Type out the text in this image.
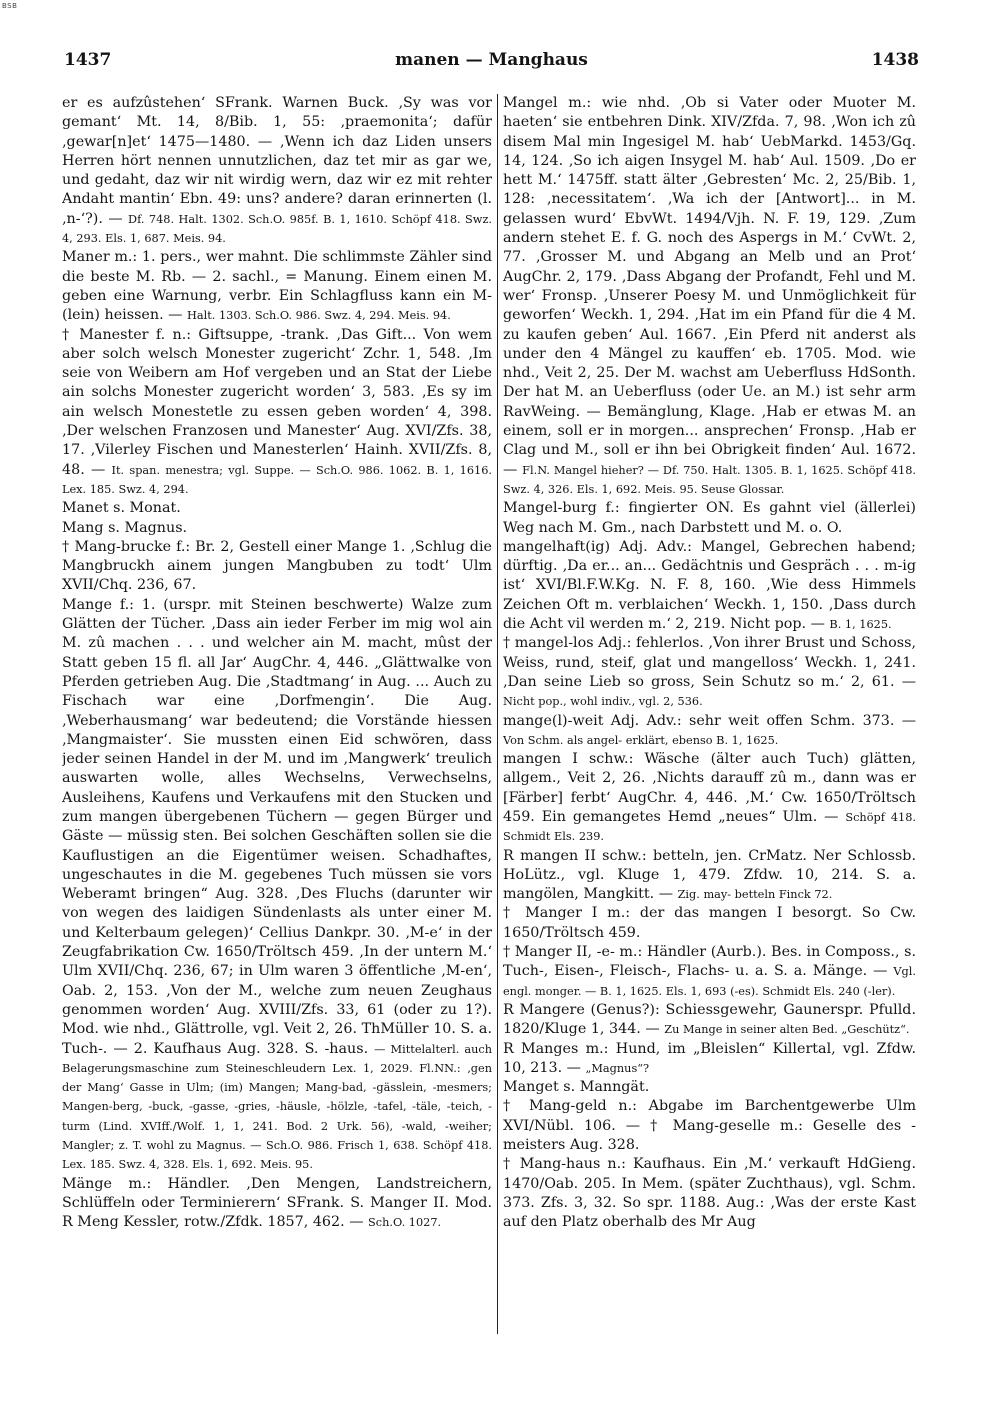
BSB
1437	manen — Manghaus	1438

er es aufzûstehen‘ SFrank. Warnen Buck. ‚Sy was vor gemant‘ Mt. 14, 8/Bib. 1, 55: ‚praemonita‘; dafür ‚gewar[n]et‘ 1475—1480. — ‚Wenn ich daz Liden unsers Herren hört nennen unnutzlichen, daz tet mir as gar we, und gedaht, daz wir nit wirdig wern, daz wir ez mit rehter Andaht mantin‘ Ebn. 49: uns? andere? daran erinnerten (l. ‚n-‘?). — Df. 748. Halt. 1302. Sch.O. 985f. B. 1, 1610. Schöpf 418. Swz. 4, 293. Els. 1, 687. Meis. 94.

Maner m.: 1. pers., wer mahnt. Die schlimmste Zähler sind die beste M. Rb. — 2. sachl., = Manung. Einem einen M. geben eine Warnung, verbr. Ein Schlagfluss kann ein M-(lein) heissen. — Halt. 1303. Sch.O. 986. Swz. 4, 294. Meis. 94.

† Manester f. n.: Giftsuppe, -trank. ‚Das Gift... Von wem aber solch welsch Monester zugericht‘ Zchr. 1, 548. ‚Im seie von Weibern am Hof vergeben und an Stat der Liebe ain solchs Monester zugericht worden‘ 3, 583. ‚Es sy im ain welsch Monestetle zu essen geben worden‘ 4, 398. ‚Der welschen Franzosen und Manester‘ Aug. XVI/Zfs. 38, 17. ‚Vilerley Fischen und Manesterlen‘ Hainh. XVII/Zfs. 8, 48. — It. span. menestra; vgl. Suppe. — Sch.O. 986. 1062. B. 1, 1616. Lex. 185. Swz. 4, 294.

Manet s. Monat.

Mang s. Magnus.

† Mang-brucke f.: Br. 2, Gestell einer Mange 1. ‚Schlug die Mangbruckh ainem jungen Mangbuben zu todt‘ Ulm XVII/Chq. 236, 67.

Mange f.: 1. (urspr. mit Steinen beschwerte) Walze zum Glätten der Tücher. ‚Dass ain ieder Ferber im mig wol ain M. zû machen . . . und welcher ain M. macht, mûst der Statt geben 15 fl. all Jar‘ AugChr. 4, 446. „Glättwalke von Pferden getrieben Aug. Die ‚Stadtmang‘ in Aug. ... Auch zu Fischach war eine ‚Dorfmengin‘. Die Aug. ‚Weberhausmang‘ war bedeutend; die Vorstände hiessen ‚Mangmaister‘. Sie mussten einen Eid schwören, dass jeder seinen Handel in der M. und im ‚Mangwerk‘ treulich auswarten wolle, alles Wechselns, Verwechselns, Ausleihens, Kaufens und Verkaufens mit den Stucken und zum mangen übergebenen Tüchern — gegen Bürger und Gäste — müssig sten. Bei solchen Geschäften sollen sie die Kauflustigen an die Eigentümer weisen. Schadhaftes, ungeschautes in die M. gegebenes Tuch müssen sie vors Weberamt bringen“ Aug. 328. ‚Des Fluchs (darunter wir von wegen des laidigen Sündenlasts als unter einer M. und Kelterbaum gelegen)‘ Cellius Dankpr. 30. ‚M-e‘ in der Zeugfabrikation Cw. 1650/Tröltsch 459. ‚In der untern M.‘ Ulm XVII/Chq. 236, 67; in Ulm waren 3 öffentliche ‚M-en‘, Oab. 2, 153. ‚Von der M., welche zum neuen Zeughaus genommen worden‘ Aug. XVIII/Zfs. 33, 61 (oder zu 1?). Mod. wie nhd., Glättrolle, vgl. Veit 2, 26. ThMüller 10. S. a. Tuch-. — 2. Kaufhaus Aug. 328. S. -haus. — Mittelalterl. auch Belagerungsmaschine zum Steineschleudern Lex. 1, 2029. Fl.NN.: ‚gen der Mang‘ Gasse in Ulm; (im) Mangen; Mang-bad, -gässlein, -mesmers; Mangen-berg, -buck, -gasse, -gries, -häusle, -hölzle, -tafel, -täle, -teich, -turm (Lind. XVIff./Wolf. 1, 1, 241. Bod. 2 Urk. 56), -wald, -weiher; Mangler; z. T. wohl zu Magnus. — Sch.O. 986. Frisch 1, 638. Schöpf 418. Lex. 185. Swz. 4, 328. Els. 1, 692. Meis. 95.

Mänge m.: Händler. ‚Den Mengen, Landstreichern, Schlüffeln oder Terminierern‘ SFrank. S. Manger II. Mod. R Meng Kessler, rotw./Zfdk. 1857, 462. — Sch.O. 1027.

Mangel m.: wie nhd. ‚Ob si Vater oder Muoter M. haeten‘ sie entbehren Dink. XIV/Zfda. 7, 98. ‚Won ich zû disem Mal min Ingesigel M. hab‘ UebMarkd. 1453/Gq. 14, 124. ‚So ich aigen Insygel M. hab‘ Aul. 1509. ‚Do er hett M.‘ 1475ff. statt älter ‚Gebresten‘ Mc. 2, 25/Bib. 1, 128: ‚necessitatem‘. ‚Wa ich der [Antwort]... in M. gelassen wurd‘ EbvWt. 1494/Vjh. N. F. 19, 129. ‚Zum andern stehet E. f. G. noch des Aspergs in M.‘ CvWt. 2, 77. ‚Grosser M. und Abgang an Melb und an Prot‘ AugChr. 2, 179. ‚Dass Abgang der Profandt, Fehl und M. wer‘ Fronsp. ‚Unserer Poesy M. und Unmöglichkeit für geworfen‘ Weckh. 1, 294. ‚Hat im ein Pfand für die 4 M. zu kaufen geben‘ Aul. 1667. ‚Ein Pferd nit anderst als under den 4 Mängel zu kauffen‘ eb. 1705. Mod. wie nhd., Veit 2, 25. Der M. wachst am Ueberfluss HdSonth. Der hat M. an Ueberfluss (oder Ue. an M.) ist sehr arm RavWeing. — Bemänglung, Klage. ‚Hab er etwas M. an einem, soll er in morgen... ansprechen‘ Fronsp. ‚Hab er Clag und M., soll er ihn bei Obrigkeit finden‘ Aul. 1672. — Fl.N. Mangel hieher? — Df. 750. Halt. 1305. B. 1, 1625. Schöpf 418. Swz. 4, 326. Els. 1, 692. Meis. 95. Seuse Glossar.

Mangel-burg f.: fingierter ON. Es gahnt viel (ällerlei) Weg nach M. Gm., nach Darbstett und M. o. O.

mangelhaft(ig) Adj. Adv.: Mangel, Gebrechen habend; dürftig. ‚Da er... an... Gedächtnis und Gespräch . . . m-ig ist‘ XVI/Bl.F.W.Kg. N. F. 8, 160. ‚Wie dess Himmels Zeichen Oft m. verblaichen‘ Weckh. 1, 150. ‚Dass durch die Acht vil werden m.‘ 2, 219. Nicht pop. — B. 1, 1625.

† mangel-los Adj.: fehlerlos. ‚Von ihrer Brust und Schoss, Weiss, rund, steif, glat und mangelloss‘ Weckh. 1, 241. ‚Dan seine Lieb so gross, Sein Schutz so m.‘ 2, 61. — Nicht pop., wohl indiv., vgl. 2, 536.

mange(l)-weit Adj. Adv.: sehr weit offen Schm. 373. — Von Schm. als angel- erklärt, ebenso B. 1, 1625.

mangen I schw.: Wäsche (älter auch Tuch) glätten, allgem., Veit 2, 26. ‚Nichts darauff zû m., dann was er [Färber] ferbt‘ AugChr. 4, 446. ‚M.‘ Cw. 1650/Tröltsch 459. Ein gemangetes Hemd „neues“ Ulm. — Schöpf 418. Schmidt Els. 239.

R mangen II schw.: betteln, jen. CrMatz. Ner Schlossb. HoLütz., vgl. Kluge 1, 479. Zfdw. 10, 214. S. a. mangölen, Mangkitt. — Zig. may- betteln Finck 72.

† Manger I m.: der das mangen I besorgt. So Cw. 1650/Tröltsch 459.

† Manger II, -e- m.: Händler (Aurb.). Bes. in Composs., s. Tuch-, Eisen-, Fleisch-, Flachs- u. a. S. a. Mänge. — Vgl. engl. monger. — B. 1, 1625. Els. 1, 693 (-es). Schmidt Els. 240 (-ler).

R Mangere (Genus?): Schiessgewehr, Gaunerspr. Pfulld. 1820/Kluge 1, 344. — Zu Mange in seiner alten Bed. „Geschütz“.

R Manges m.: Hund, im „Bleislen“ Killertal, vgl. Zfdw. 10, 213. — „Magnus“?

Manget s. Manngät.

† Mang-geld n.: Abgabe im Barchentgewerbe Ulm XVI/Nübl. 106. — † Mang-geselle m.: Geselle des -meisters Aug. 328.

† Mang-haus n.: Kaufhaus. Ein ‚M.‘ verkauft HdGieng. 1470/Oab. 205. In Mem. (später Zuchthaus), vgl. Schm. 373. Zfs. 3, 32. So spr. 1188. Aug.: ‚Was der erste Kast auf den Platz oberhalb des Mr Aug
